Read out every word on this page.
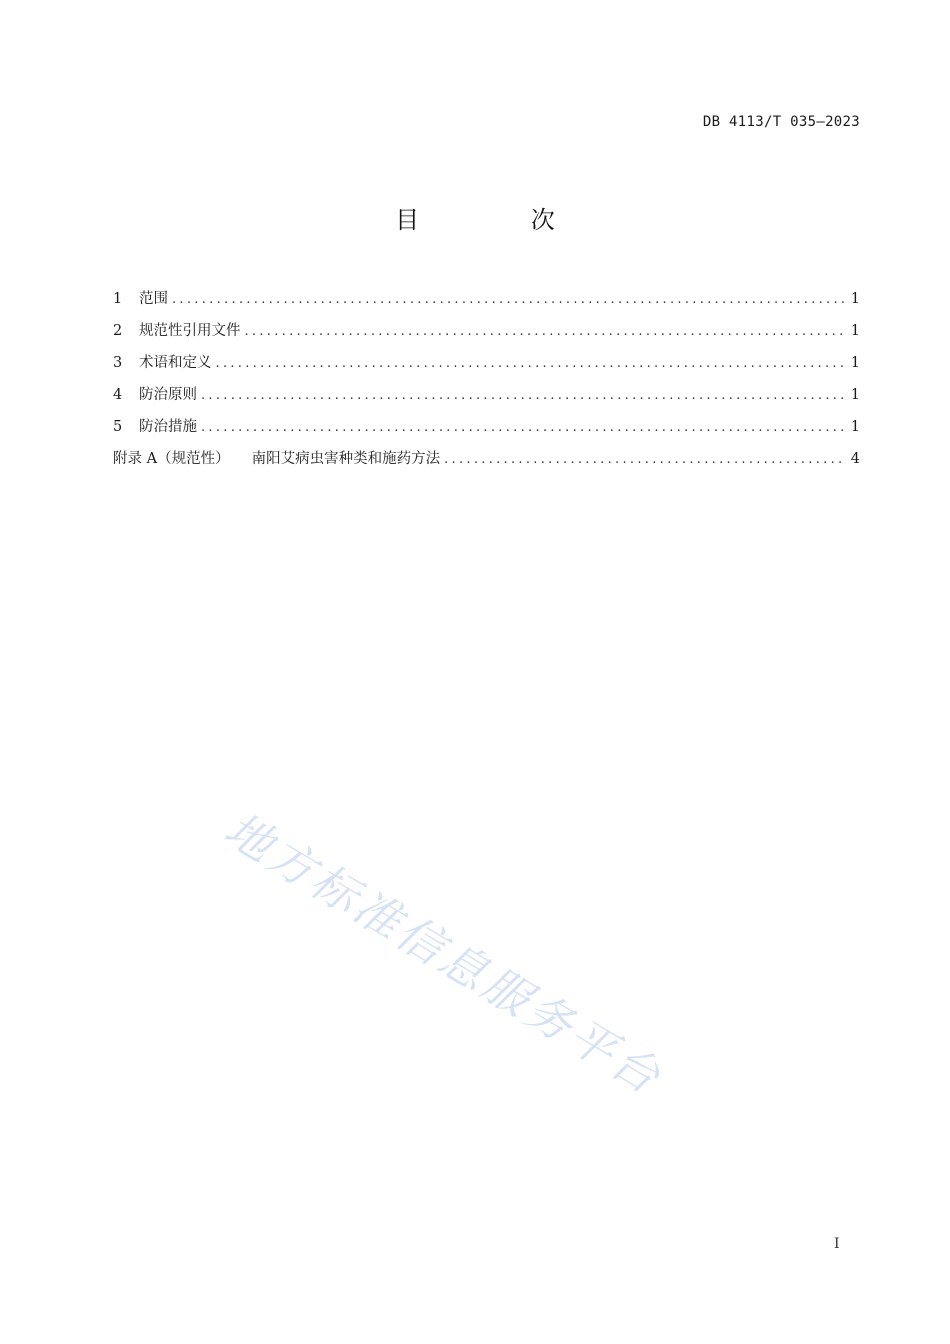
DB 4113/T 035—2023
目 次
1	范围 .....	1
2	规范性引用文件 .....	1
3	术语和定义 .....	1
4	防治原则 .....	1
5	防治措施 .....	1
附录 A（规范性）	南阳艾病虫害种类和施药方法 .....	4
地方标准信息服务平台
I
